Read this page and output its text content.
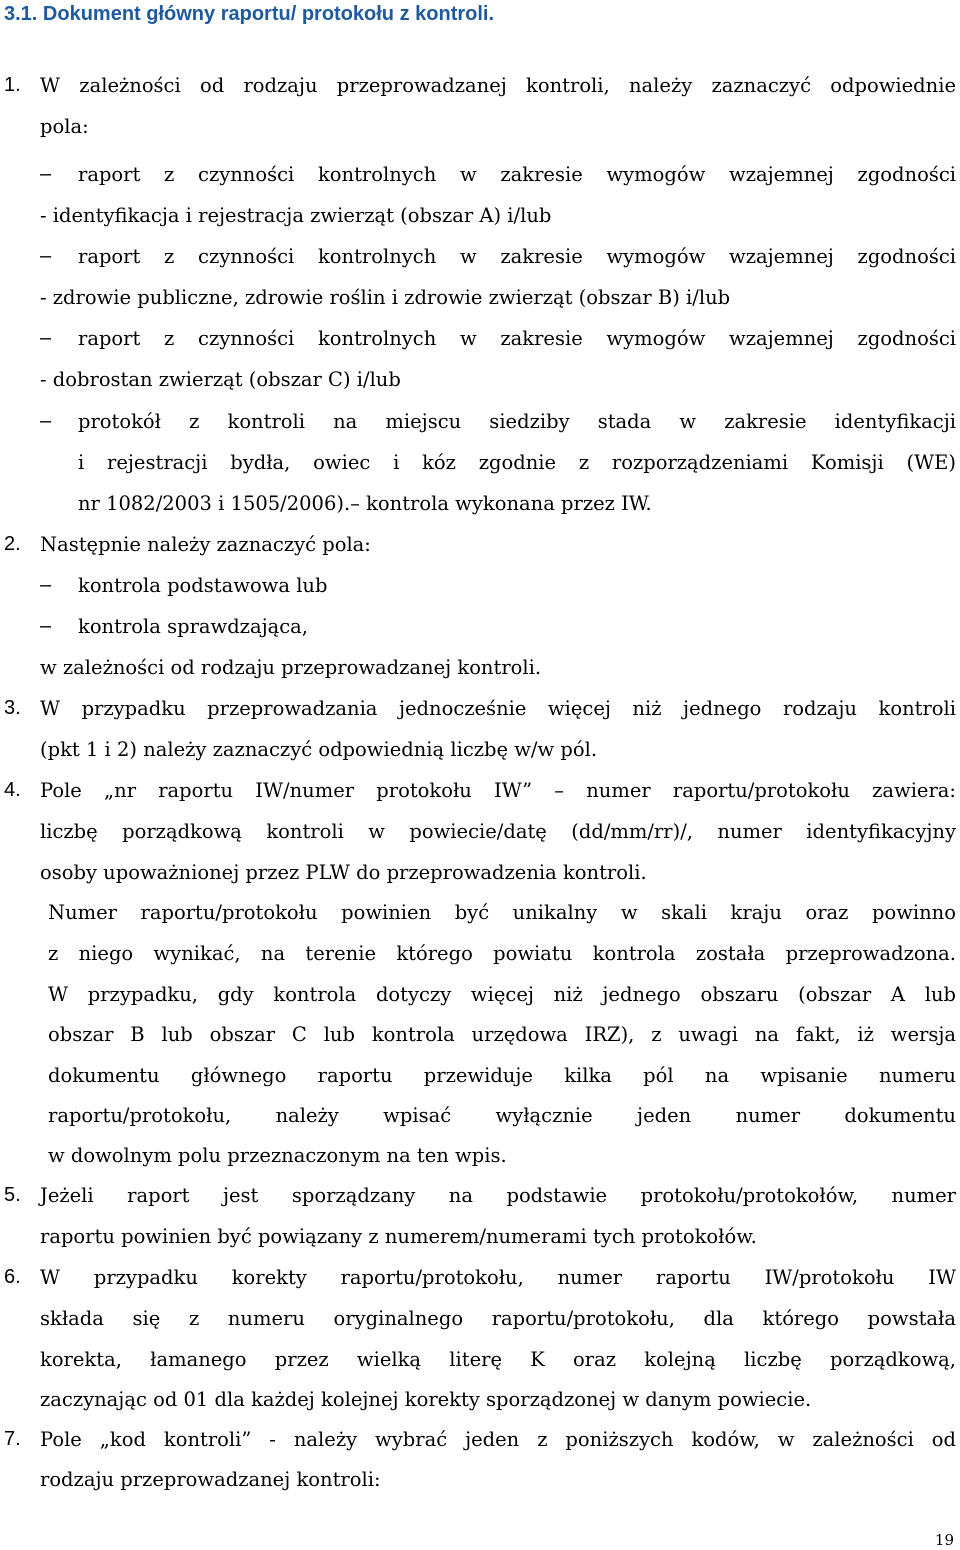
3.1. Dokument główny raportu/ protokołu z kontroli.
1. W zależności od rodzaju przeprowadzanej kontroli, należy zaznaczyć odpowiednie
pola:
–	raport z czynności kontrolnych w zakresie wymogów wzajemnej zgodności
- identyfikacja i rejestracja zwierząt (obszar A) i/lub
–	raport z czynności kontrolnych w zakresie wymogów wzajemnej zgodności
- zdrowie publiczne, zdrowie roślin i zdrowie zwierząt (obszar B) i/lub
–	raport z czynności kontrolnych w zakresie wymogów wzajemnej zgodności
- dobrostan zwierząt (obszar C) i/lub
–	protokół z kontroli na miejscu siedziby stada w zakresie identyfikacji
i rejestracji bydła, owiec i kóz zgodnie z rozporządzeniami Komisji (WE)
nr 1082/2003 i 1505/2006).– kontrola wykonana przez IW.
2. Następnie należy zaznaczyć pola:
–	kontrola podstawowa lub
–	kontrola sprawdzająca,
w zależności od rodzaju przeprowadzanej kontroli.
3. W przypadku przeprowadzania jednocześnie więcej niż jednego rodzaju kontroli
(pkt 1 i 2) należy zaznaczyć odpowiednią liczbę w/w pól.
4. Pole „nr raportu IW/numer protokołu IW” – numer raportu/protokołu zawiera:
liczbę porządkową kontroli w powiecie/datę (dd/mm/rr)/, numer identyfikacyjny
osoby upoważnionej przez PLW do przeprowadzenia kontroli.
Numer raportu/protokołu powinien być unikalny w skali kraju oraz powinno
z niego wynikać, na terenie którego powiatu kontrola została przeprowadzona.
W przypadku, gdy kontrola dotyczy więcej niż jednego obszaru (obszar A lub
obszar B lub obszar C lub kontrola urzędowa IRZ), z uwagi na fakt, iż wersja
dokumentu głównego raportu przewiduje kilka pól na wpisanie numeru
raportu/protokołu, należy wpisać wyłącznie jeden numer dokumentu
w dowolnym polu przeznaczonym na ten wpis.
5. Jeżeli raport jest sporządzany na podstawie protokołu/protokołów, numer
raportu powinien być powiązany z numerem/numerami tych protokołów.
6. W przypadku korekty raportu/protokołu, numer raportu IW/protokołu IW
składa się z numeru oryginalnego raportu/protokołu, dla którego powstała
korekta, łamanego przez wielką literę K oraz kolejną liczbę porządkową,
zaczynając od 01 dla każdej kolejnej korekty sporządzonej w danym powiecie.
7. Pole „kod kontroli” - należy wybrać jeden z poniższych kodów, w zależności od
rodzaju przeprowadzanej kontroli:
19
